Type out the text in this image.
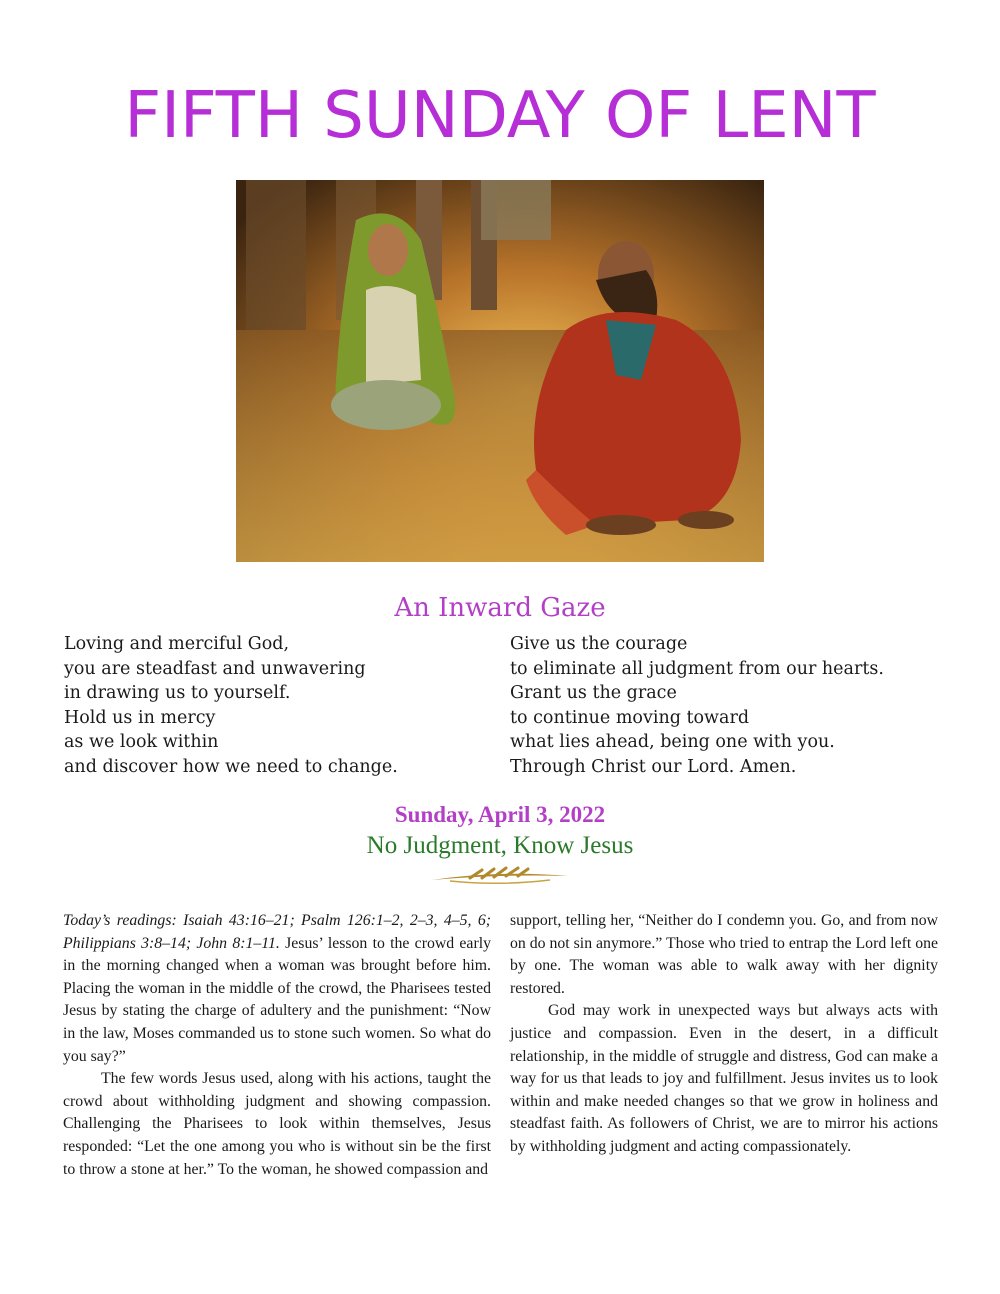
FIFTH SUNDAY OF LENT
An Inward Gaze
Loving and merciful God,
you are steadfast and unwavering
in drawing us to yourself.
Hold us in mercy
as we look within
and discover how we need to change.
Give us the courage
to eliminate all judgment from our hearts.
Grant us the grace
to continue moving toward
what lies ahead, being one with you.
Through Christ our Lord. Amen.
Sunday, April 3, 2022
No Judgment, Know Jesus

Today’s readings: Isaiah 43:16–21; Psalm 126:1–2, 2–3, 4–5, 6; Philippians 3:8–14; John 8:1–11. Jesus’ lesson to the crowd early in the morning changed when a woman was brought before him. Placing the woman in the middle of the crowd, the Pharisees tested Jesus by stating the charge of adultery and the punishment: “Now in the law, Moses commanded us to stone such women. So what do you say?”

The few words Jesus used, along with his actions, taught the crowd about withholding judgment and showing compassion. Challenging the Pharisees to look within themselves, Jesus responded: “Let the one among you who is without sin be the first to throw a stone at her.” To the woman, he showed compassion and

support, telling her, “Neither do I condemn you. Go, and from now on do not sin anymore.” Those who tried to entrap the Lord left one by one. The woman was able to walk away with her dignity restored.

God may work in unexpected ways but always acts with justice and compassion. Even in the desert, in a difficult relationship, in the middle of struggle and distress, God can make a way for us that leads to joy and fulfillment. Jesus invites us to look within and make needed changes so that we grow in holiness and steadfast faith. As followers of Christ, we are to mirror his actions by withholding judgment and acting compassionately.
